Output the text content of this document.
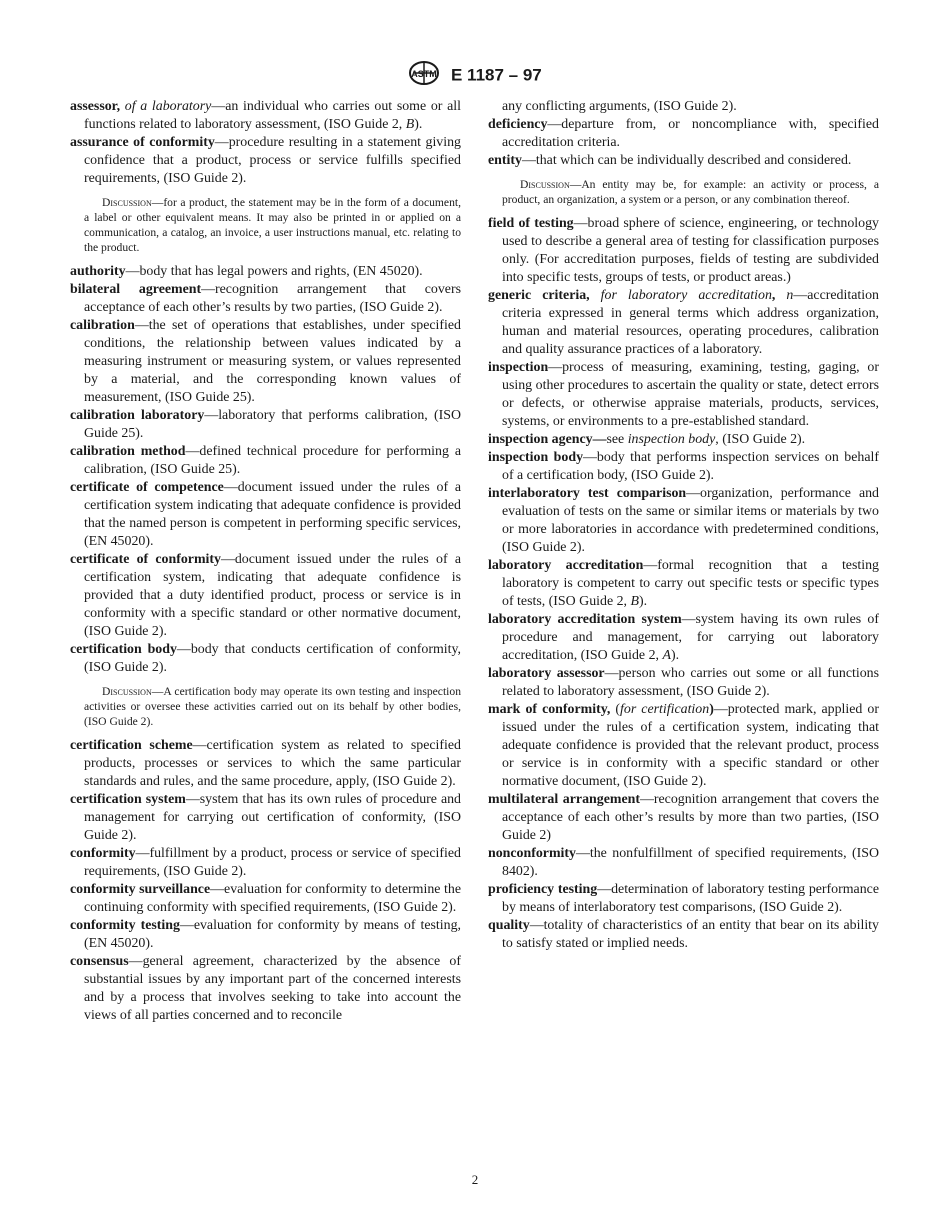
ASTM E 1187 – 97

assessor, of a laboratory—an individual who carries out some or all functions related to laboratory assessment, (ISO Guide 2, B).

assurance of conformity—procedure resulting in a statement giving confidence that a product, process or service fulfills specified requirements, (ISO Guide 2).

Discussion—for a product, the statement may be in the form of a document, a label or other equivalent means. It may also be printed in or applied on a communication, a catalog, an invoice, a user instructions manual, etc. relating to the product.

authority—body that has legal powers and rights, (EN 45020).

bilateral agreement—recognition arrangement that covers acceptance of each other’s results by two parties, (ISO Guide 2).

calibration—the set of operations that establishes, under specified conditions, the relationship between values indicated by a measuring instrument or measuring system, or values represented by a material, and the corresponding known values of measurement, (ISO Guide 25).

calibration laboratory—laboratory that performs calibration, (ISO Guide 25).

calibration method—defined technical procedure for performing a calibration, (ISO Guide 25).

certificate of competence—document issued under the rules of a certification system indicating that adequate confidence is provided that the named person is competent in performing specific services, (EN 45020).

certificate of conformity—document issued under the rules of a certification system, indicating that adequate confidence is provided that a duty identified product, process or service is in conformity with a specific standard or other normative document, (ISO Guide 2).

certification body—body that conducts certification of conformity, (ISO Guide 2).

Discussion—A certification body may operate its own testing and inspection activities or oversee these activities carried out on its behalf by other bodies, (ISO Guide 2).

certification scheme—certification system as related to specified products, processes or services to which the same particular standards and rules, and the same procedure, apply, (ISO Guide 2).

certification system—system that has its own rules of procedure and management for carrying out certification of conformity, (ISO Guide 2).

conformity—fulfillment by a product, process or service of specified requirements, (ISO Guide 2).

conformity surveillance—evaluation for conformity to determine the continuing conformity with specified requirements, (ISO Guide 2).

conformity testing—evaluation for conformity by means of testing, (EN 45020).

consensus—general agreement, characterized by the absence of substantial issues by any important part of the concerned interests and by a process that involves seeking to take into account the views of all parties concerned and to reconcile

any conflicting arguments, (ISO Guide 2).

deficiency—departure from, or noncompliance with, specified accreditation criteria.

entity—that which can be individually described and considered.

Discussion—An entity may be, for example: an activity or process, a product, an organization, a system or a person, or any combination thereof.

field of testing—broad sphere of science, engineering, or technology used to describe a general area of testing for classification purposes only. (For accreditation purposes, fields of testing are subdivided into specific tests, groups of tests, or product areas.)

generic criteria, for laboratory accreditation, n—accreditation criteria expressed in general terms which address organization, human and material resources, operating procedures, calibration and quality assurance practices of a laboratory.

inspection—process of measuring, examining, testing, gaging, or using other procedures to ascertain the quality or state, detect errors or defects, or otherwise appraise materials, products, services, systems, or environments to a pre-established standard.

inspection agency—see inspection body, (ISO Guide 2).

inspection body—body that performs inspection services on behalf of a certification body, (ISO Guide 2).

interlaboratory test comparison—organization, performance and evaluation of tests on the same or similar items or materials by two or more laboratories in accordance with predetermined conditions, (ISO Guide 2).

laboratory accreditation—formal recognition that a testing laboratory is competent to carry out specific tests or specific types of tests, (ISO Guide 2, B).

laboratory accreditation system—system having its own rules of procedure and management, for carrying out laboratory accreditation, (ISO Guide 2, A).

laboratory assessor—person who carries out some or all functions related to laboratory assessment, (ISO Guide 2).

mark of conformity, (for certification)—protected mark, applied or issued under the rules of a certification system, indicating that adequate confidence is provided that the relevant product, process or service is in conformity with a specific standard or other normative document, (ISO Guide 2).

multilateral arrangement—recognition arrangement that covers the acceptance of each other’s results by more than two parties, (ISO Guide 2)

nonconformity—the nonfulfillment of specified requirements, (ISO 8402).

proficiency testing—determination of laboratory testing performance by means of interlaboratory test comparisons, (ISO Guide 2).

quality—totality of characteristics of an entity that bear on its ability to satisfy stated or implied needs.

2
